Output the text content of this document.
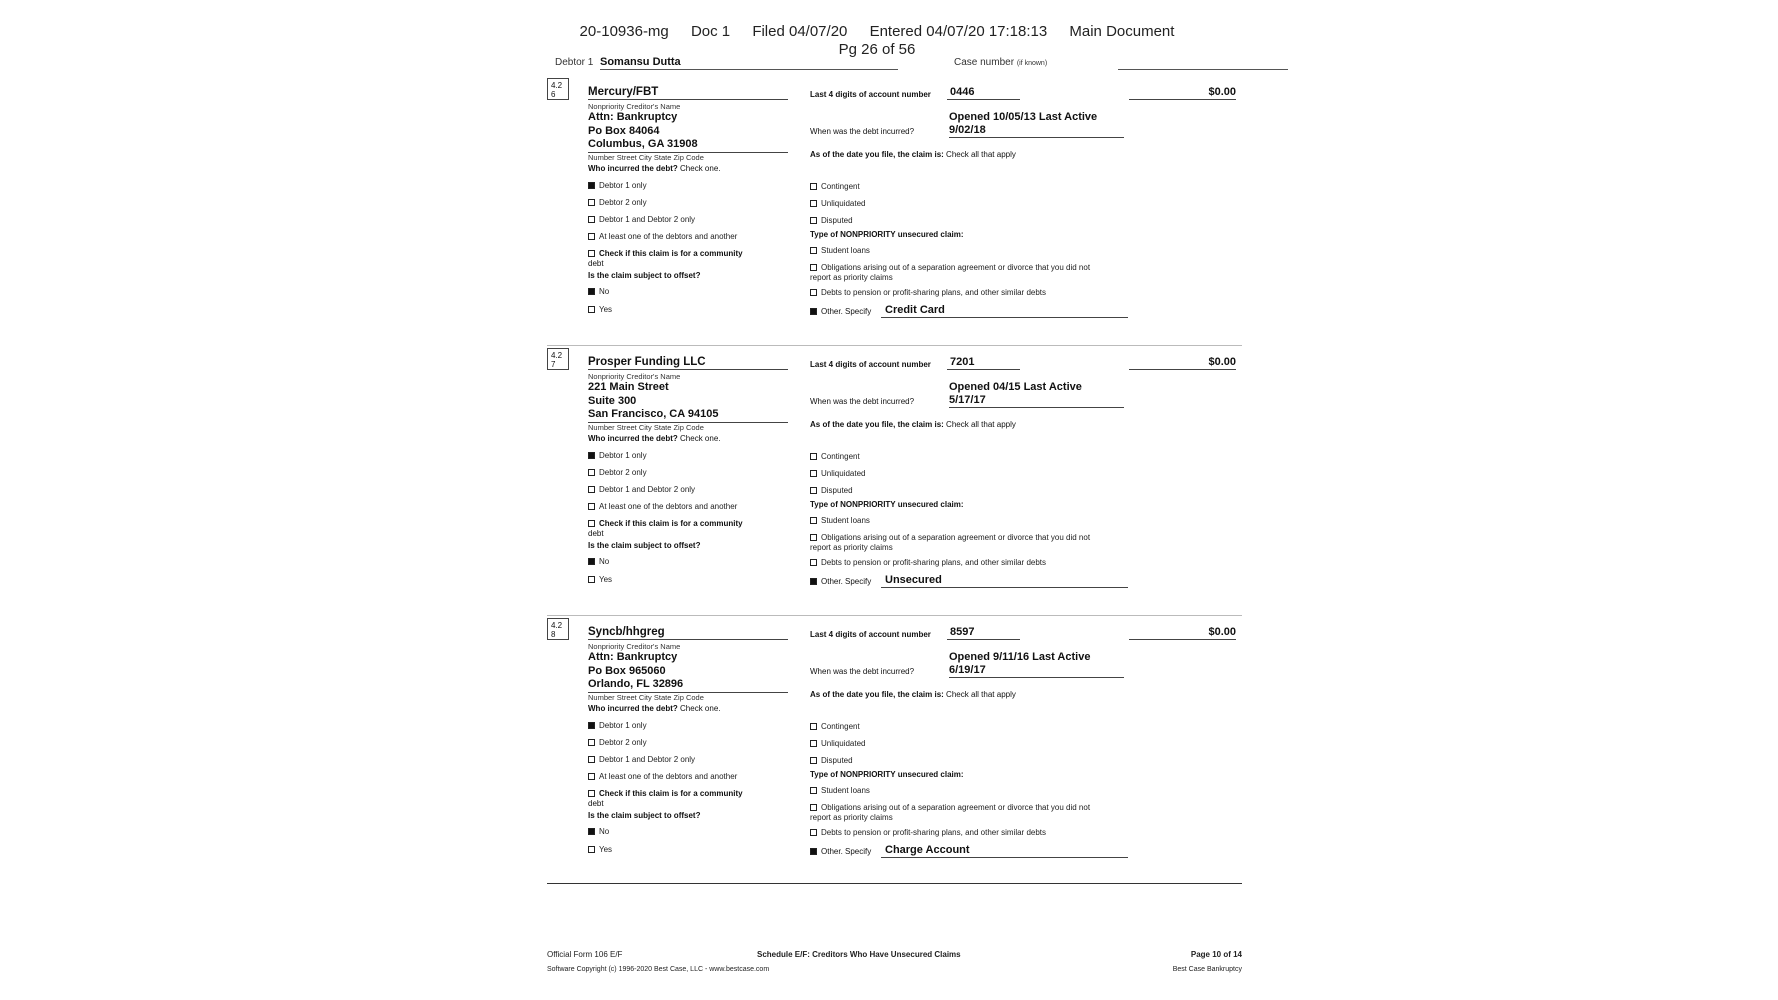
20-10936-mg Doc 1 Filed 04/07/20 Entered 04/07/20 17:18:13 Main Document
Pg 26 of 56
Debtor 1 Somansu Dutta	Case number (if known)
4.2
6	Mercury/FBT
Nonpriority Creditor's Name
Attn: Bankruptcy
Po Box 84064
Columbus, GA 31908
Number Street City State Zip Code
Who incurred the debt? Check one.
Debtor 1 only
Debtor 2 only
Debtor 1 and Debtor 2 only
At least one of the debtors and another
Check if this claim is for a community
debt
Is the claim subject to offset?
No
Yes
Last 4 digits of account number 0446	$0.00
Opened 10/05/13 Last Active
9/02/18
When was the debt incurred?
As of the date you file, the claim is: Check all that apply
Contingent
Unliquidated
Disputed
Type of NONPRIORITY unsecured claim:
Student loans
Obligations arising out of a separation agreement or divorce that you did not
report as priority claims
Debts to pension or profit-sharing plans, and other similar debts
Other. Specify	Credit Card
4.2
7	Prosper Funding LLC
Nonpriority Creditor's Name
221 Main Street
Suite 300
San Francisco, CA 94105
Number Street City State Zip Code
Who incurred the debt? Check one.
Debtor 1 only
Debtor 2 only
Debtor 1 and Debtor 2 only
At least one of the debtors and another
Check if this claim is for a community
debt
Is the claim subject to offset?
No
Yes
Last 4 digits of account number 7201	$0.00
Opened 04/15 Last Active
5/17/17
When was the debt incurred?
As of the date you file, the claim is: Check all that apply
Contingent
Unliquidated
Disputed
Type of NONPRIORITY unsecured claim:
Student loans
Obligations arising out of a separation agreement or divorce that you did not
report as priority claims
Debts to pension or profit-sharing plans, and other similar debts
Other. Specify	Unsecured
4.2
8	Syncb/hhgreg
Nonpriority Creditor's Name
Attn: Bankruptcy
Po Box 965060
Orlando, FL 32896
Number Street City State Zip Code
Who incurred the debt? Check one.
Debtor 1 only
Debtor 2 only
Debtor 1 and Debtor 2 only
At least one of the debtors and another
Check if this claim is for a community
debt
Is the claim subject to offset?
No
Yes
Last 4 digits of account number 8597	$0.00
Opened 9/11/16 Last Active
6/19/17
When was the debt incurred?
As of the date you file, the claim is: Check all that apply
Contingent
Unliquidated
Disputed
Type of NONPRIORITY unsecured claim:
Student loans
Obligations arising out of a separation agreement or divorce that you did not
report as priority claims
Debts to pension or profit-sharing plans, and other similar debts
Other. Specify	Charge Account
Official Form 106 E/F	Schedule E/F: Creditors Who Have Unsecured Claims	Page 10 of 14
Software Copyright (c) 1996-2020 Best Case, LLC - www.bestcase.com	Best Case Bankruptcy
